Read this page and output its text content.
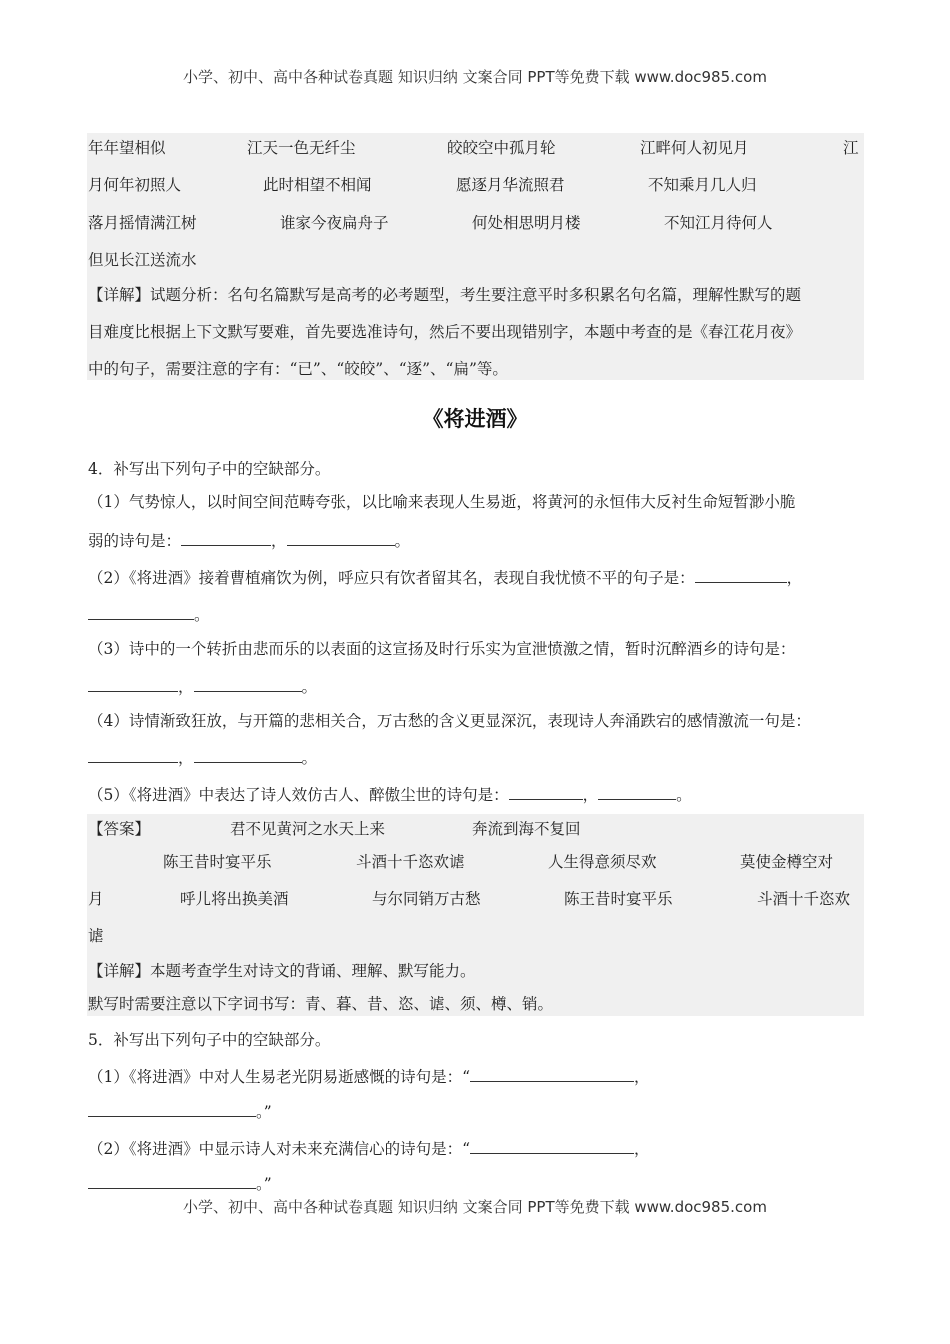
小学、初中、高中各种试卷真题 知识归纳 文案合同 PPT等免费下载 www.doc985.com
年年望相似	江天一色无纤尘	皎皎空中孤月轮	江畔何人初见月	江
月何年初照人	此时相望不相闻	愿逐月华流照君	不知乘月几人归
落月摇情满江树	谁家今夜扁舟子	何处相思明月楼	不知江月待何人
但见长江送流水
【详解】试题分析：名句名篇默写是高考的必考题型，考生要注意平时多积累名句名篇，理解性默写的题
目难度比根据上下文默写要难，首先要选准诗句，然后不要出现错别字，本题中考查的是《春江花月夜》
中的句子，需要注意的字有：“已”、“皎皎”、“逐”、“扁”等。
《将进酒》
4．补写出下列句子中的空缺部分。
（1）气势惊人，以时间空间范畴夸张，以比喻来表现人生易逝，将黄河的永恒伟大反衬生命短暂渺小脆
弱的诗句是：	，	。
（2）《将进酒》接着曹植痛饮为例，呼应只有饮者留其名，表现自我忧愤不平的句子是：	，
。
（3）诗中的一个转折由悲而乐的以表面的这宣扬及时行乐实为宣泄愤激之情，暂时沉醉酒乡的诗句是：
，	。
（4）诗情渐致狂放，与开篇的悲相关合，万古愁的含义更显深沉，表现诗人奔涌跌宕的感情激流一句是：
，	。
（5）《将进酒》中表达了诗人效仿古人、醉傲尘世的诗句是：	，	。
【答案】	君不见黄河之水天上来	奔流到海不复回
陈王昔时宴平乐	斗酒十千恣欢谑	人生得意须尽欢	莫使金樽空对
月	呼儿将出换美酒	与尔同销万古愁	陈王昔时宴平乐	斗酒十千恣欢
谑
【详解】本题考查学生对诗文的背诵、理解、默写能力。
默写时需要注意以下字词书写：青、暮、昔、恣、谑、须、樽、销。
5．补写出下列句子中的空缺部分。
（1）《将进酒》中对人生易老光阴易逝感慨的诗句是：“	，
。”
（2）《将进酒》中显示诗人对未来充满信心的诗句是：“	，
。”
小学、初中、高中各种试卷真题 知识归纳 文案合同 PPT等免费下载 www.doc985.com
